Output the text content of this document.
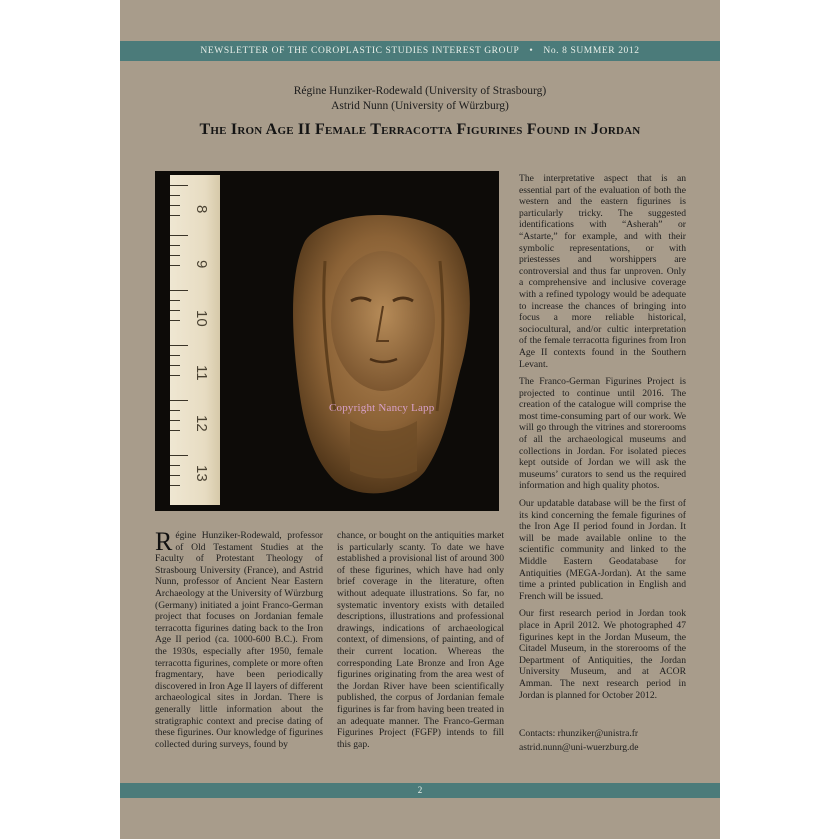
NEWSLETTER OF THE COROPLASTIC STUDIES INTEREST GROUP • No. 8 SUMMER 2012
Régine Hunziker-Rodewald (University of Strasbourg)
Astrid Nunn (University of Würzburg)
The Iron Age II Female Terracotta Figurines Found in Jordan
8
9
10
11
12
13
Copyright Nancy Lapp

The interpretative aspect that is an essential part of the evaluation of both the western and the eastern figurines is particularly tricky. The suggested identifications with “Asherah” or “Astarte,” for example, and with their symbolic representations, or with priestesses and worshippers are controversial and thus far unproven. Only a comprehensive and inclusive coverage with a refined typology would be adequate to increase the chances of bringing into focus a more reliable historical, sociocultural, and/or cultic interpretation of the female terracotta figurines from Iron Age II contexts found in the Southern Levant.

The Franco-German Figurines Project is projected to continue until 2016. The creation of the catalogue will comprise the most time-consuming part of our work. We will go through the vitrines and storerooms of all the archaeological museums and collections in Jordan. For isolated pieces kept outside of Jordan we will ask the museums’ curators to send us the required information and high quality photos.

Our updatable database will be the first of its kind concerning the female figurines of the Iron Age II period found in Jordan. It will be made available online to the scientific community and linked to the Middle Eastern Geodatabase for Antiquities (MEGA-Jordan). At the same time a printed publication in English and French will be issued.

Our first research period in Jordan took place in April 2012. We photographed 47 figurines kept in the Jordan Museum, the Citadel Museum, in the storerooms of the Department of Antiquities, the Jordan University Museum, and at ACOR Amman. The next research period in Jordan is planned for October 2012.

Régine Hunziker-Rodewald, professor of Old Testament Studies at the Faculty of Protestant Theology of Strasbourg University (France), and Astrid Nunn, professor of Ancient Near Eastern Archaeology at the University of Würzburg (Germany) initiated a joint Franco-German project that focuses on Jordanian female terracotta figurines dating back to the Iron Age II period (ca. 1000-600 B.C.). From the 1930s, especially after 1950, female terracotta figurines, complete or more often fragmentary, have been periodically discovered in Iron Age II layers of different archaeological sites in Jordan. There is generally little information about the stratigraphic context and precise dating of these figurines. Our knowledge of figurines collected during surveys, found by
chance, or bought on the antiquities market is particularly scanty. To date we have established a provisional list of around 300 of these figurines, which have had only brief coverage in the literature, often without adequate illustrations. So far, no systematic inventory exists with detailed descriptions, illustrations and professional drawings, indications of archaeological context, of dimensions, of painting, and of their current location. Whereas the corresponding Late Bronze and Iron Age figurines originating from the area west of the Jordan River have been scientifically published, the corpus of Jordanian female figurines is far from having been treated in an adequate manner. The Franco-German Figurines Project (FGFP) intends to fill this gap.
Contacts: rhunziker@unistra.fr
astrid.nunn@uni-wuerzburg.de
2
